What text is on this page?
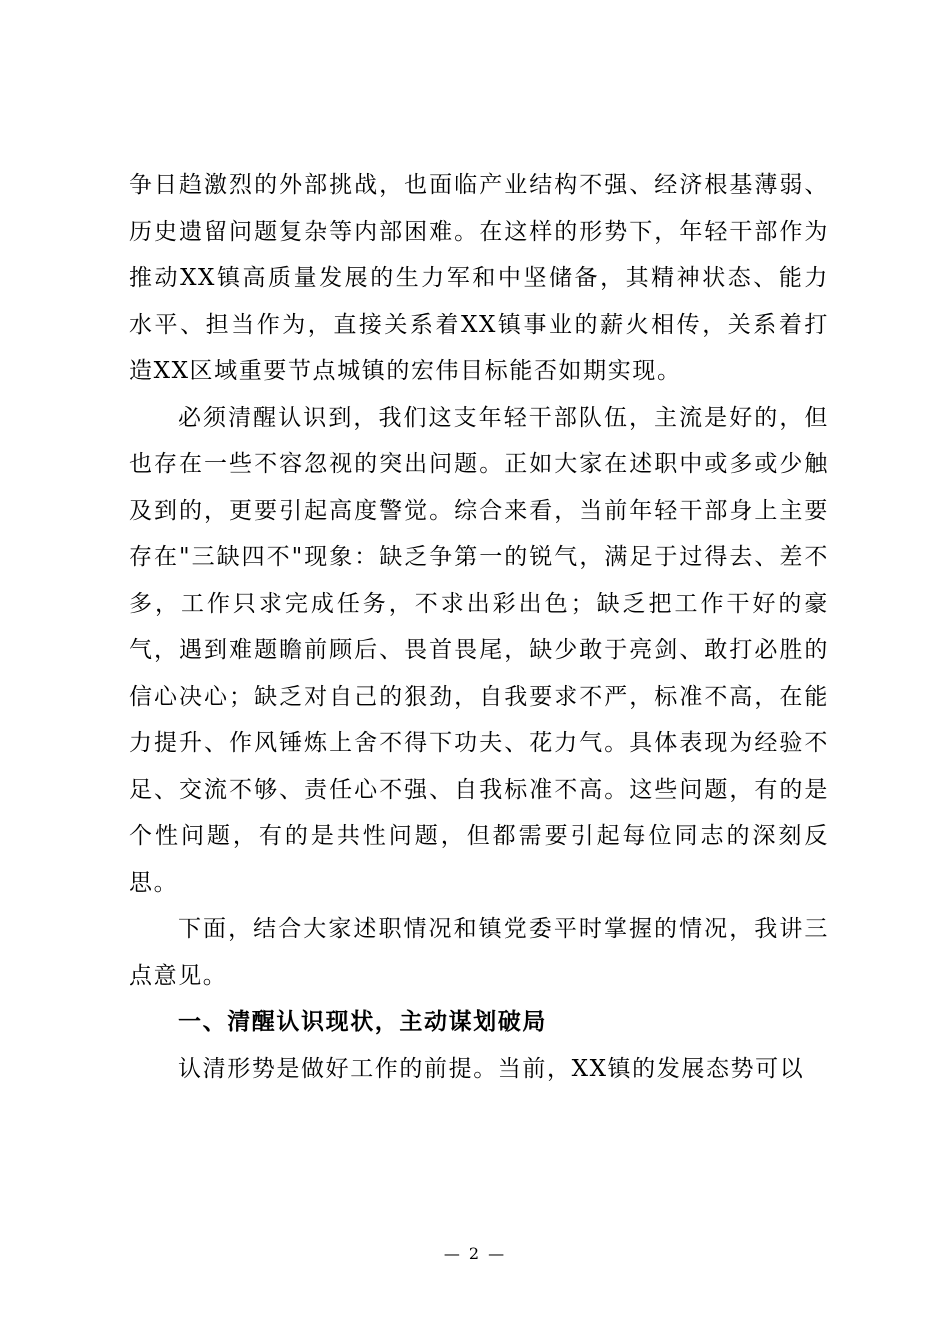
争日趋激烈的外部挑战，也面临产业结构不强、经济根基薄弱、历史遗留问题复杂等内部困难。在这样的形势下，年轻干部作为推动XX镇高质量发展的生力军和中坚储备，其精神状态、能力水平、担当作为，直接关系着XX镇事业的薪火相传，关系着打造XX区域重要节点城镇的宏伟目标能否如期实现。

必须清醒认识到，我们这支年轻干部队伍，主流是好的，但也存在一些不容忽视的突出问题。正如大家在述职中或多或少触及到的，更要引起高度警觉。综合来看，当前年轻干部身上主要存在"三缺四不"现象：缺乏争第一的锐气，满足于过得去、差不多，工作只求完成任务，不求出彩出色；缺乏把工作干好的豪气，遇到难题瞻前顾后、畏首畏尾，缺少敢于亮剑、敢打必胜的信心决心；缺乏对自己的狠劲，自我要求不严，标准不高，在能力提升、作风锤炼上舍不得下功夫、花力气。具体表现为经验不足、交流不够、责任心不强、自我标准不高。这些问题，有的是个性问题，有的是共性问题，但都需要引起每位同志的深刻反思。

下面，结合大家述职情况和镇党委平时掌握的情况，我讲三点意见。

一、清醒认识现状，主动谋划破局

认清形势是做好工作的前提。当前，XX镇的发展态势可以

— 2 —
